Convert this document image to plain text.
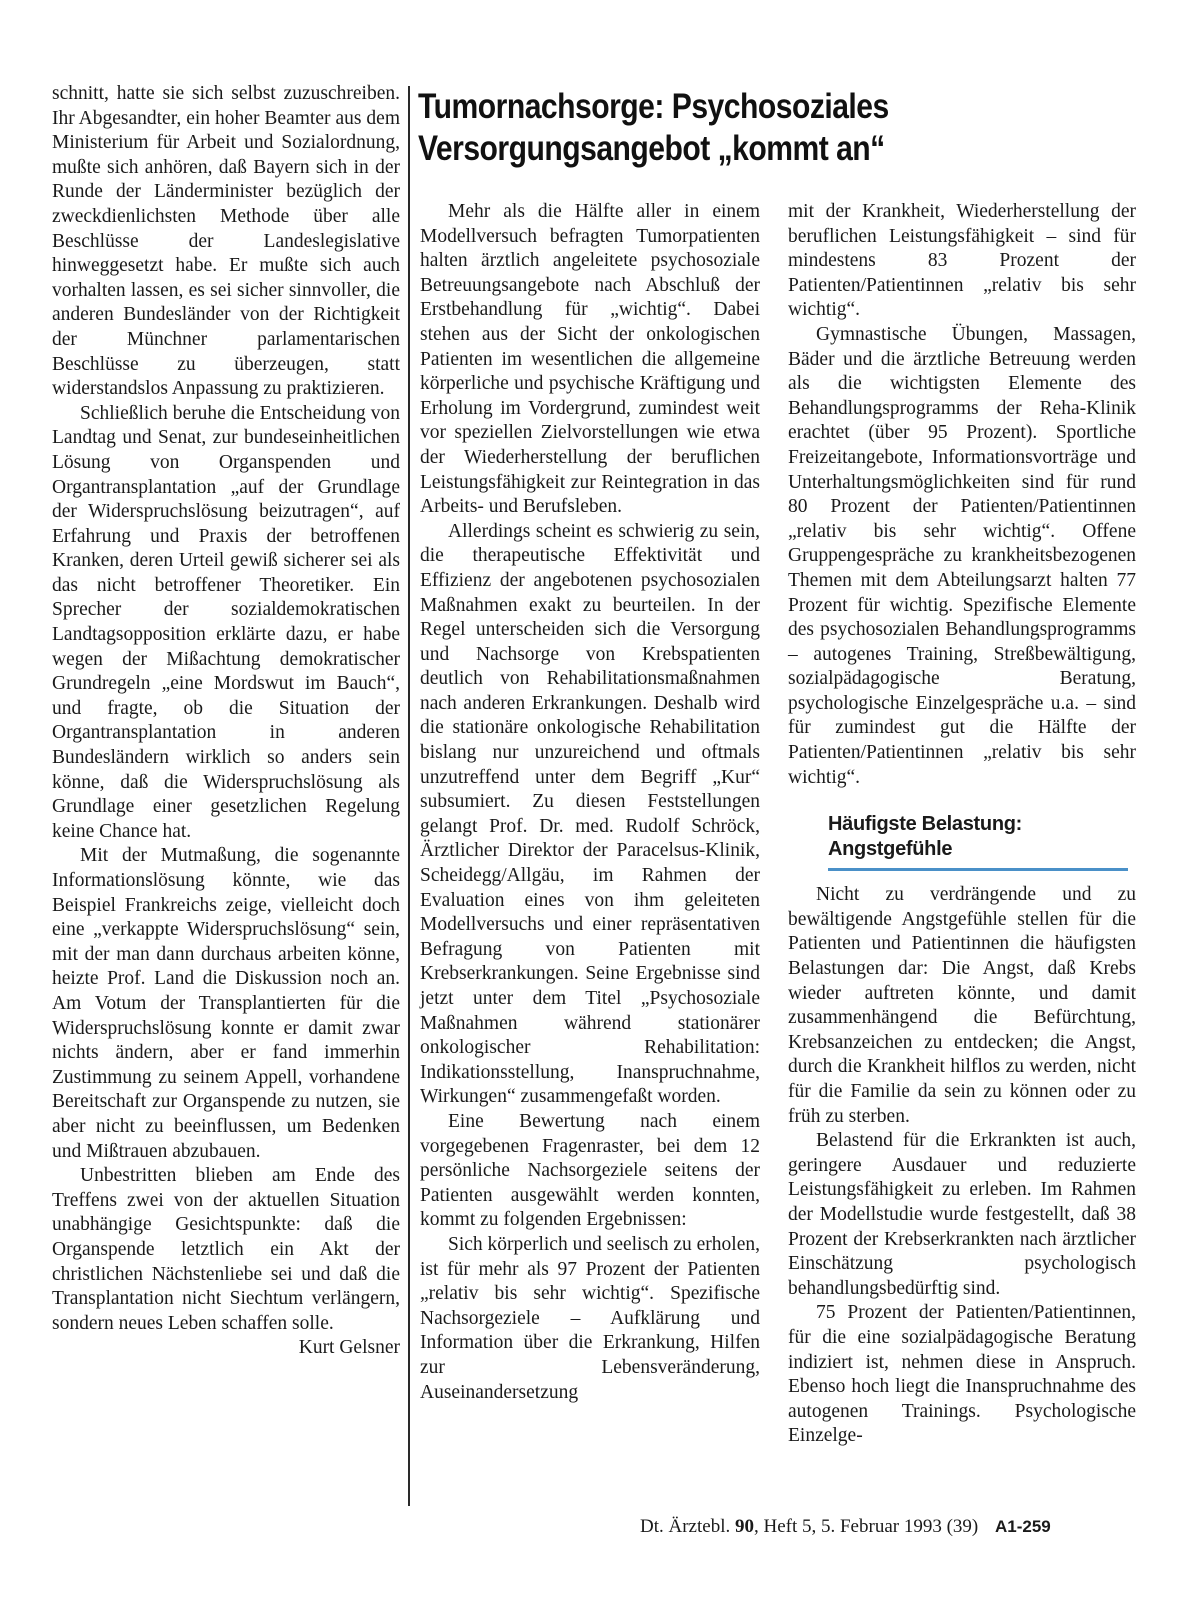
schnitt, hatte sie sich selbst zuzuschreiben. Ihr Abgesandter, ein hoher Beamter aus dem Ministerium für Arbeit und Sozialordnung, mußte sich anhören, daß Bayern sich in der Runde der Länderminister bezüglich der zweckdienlichsten Methode über alle Beschlüsse der Landeslegislative hinweggesetzt habe. Er mußte sich auch vorhalten lassen, es sei sicher sinnvoller, die anderen Bundesländer von der Richtigkeit der Münchner parlamentarischen Beschlüsse zu überzeugen, statt widerstandslos Anpassung zu praktizieren.

Schließlich beruhe die Entscheidung von Landtag und Senat, zur bundeseinheitlichen Lösung von Organspenden und Organtransplantation „auf der Grundlage der Widerspruchslösung beizutragen“, auf Erfahrung und Praxis der betroffenen Kranken, deren Urteil gewiß sicherer sei als das nicht betroffener Theoretiker. Ein Sprecher der sozialdemokratischen Landtagsopposition erklärte dazu, er habe wegen der Mißachtung demokratischer Grundregeln „eine Mordswut im Bauch“, und fragte, ob die Situation der Organtransplantation in anderen Bundesländern wirklich so anders sein könne, daß die Widerspruchslösung als Grundlage einer gesetzlichen Regelung keine Chance hat.

Mit der Mutmaßung, die sogenannte Informationslösung könnte, wie das Beispiel Frankreichs zeige, vielleicht doch eine „verkappte Widerspruchslösung“ sein, mit der man dann durchaus arbeiten könne, heizte Prof. Land die Diskussion noch an. Am Votum der Transplantierten für die Widerspruchslösung konnte er damit zwar nichts ändern, aber er fand immerhin Zustimmung zu seinem Appell, vorhandene Bereitschaft zur Organspende zu nutzen, sie aber nicht zu beeinflussen, um Bedenken und Mißtrauen abzubauen.

Unbestritten blieben am Ende des Treffens zwei von der aktuellen Situation unabhängige Gesichtspunkte: daß die Organspende letztlich ein Akt der christlichen Nächstenliebe sei und daß die Transplantation nicht Siechtum verlängern, sondern neues Leben schaffen solle.

Kurt Gelsner

Tumornachsorge: Psychosoziales
Versorgungsangebot „kommt an“

Mehr als die Hälfte aller in einem Modellversuch befragten Tumorpatienten halten ärztlich angeleitete psychosoziale Betreuungsangebote nach Abschluß der Erstbehandlung für „wichtig“. Dabei stehen aus der Sicht der onkologischen Patienten im wesentlichen die allgemeine körperliche und psychische Kräftigung und Erholung im Vordergrund, zumindest weit vor speziellen Zielvorstellungen wie etwa der Wiederherstellung der beruflichen Leistungsfähigkeit zur Reintegration in das Arbeits- und Berufsleben.

Allerdings scheint es schwierig zu sein, die therapeutische Effektivität und Effizienz der angebotenen psychosozialen Maßnahmen exakt zu beurteilen. In der Regel unterscheiden sich die Versorgung und Nachsorge von Krebspatienten deutlich von Rehabilitationsmaßnahmen nach anderen Erkrankungen. Deshalb wird die stationäre onkologische Rehabilitation bislang nur unzureichend und oftmals unzutreffend unter dem Begriff „Kur“ subsumiert. Zu diesen Feststellungen gelangt Prof. Dr. med. Rudolf Schröck, Ärztlicher Direktor der Paracelsus-Klinik, Scheidegg/Allgäu, im Rahmen der Evaluation eines von ihm geleiteten Modellversuchs und einer repräsentativen Befragung von Patienten mit Krebserkrankungen. Seine Ergebnisse sind jetzt unter dem Titel „Psychosoziale Maßnahmen während stationärer onkologischer Rehabilitation: Indikationsstellung, Inanspruchnahme, Wirkungen“ zusammengefaßt worden.

Eine Bewertung nach einem vorgegebenen Fragenraster, bei dem 12 persönliche Nachsorgeziele seitens der Patienten ausgewählt werden konnten, kommt zu folgenden Ergebnissen:

Sich körperlich und seelisch zu erholen, ist für mehr als 97 Prozent der Patienten „relativ bis sehr wichtig“. Spezifische Nachsorgeziele – Aufklärung und Information über die Erkrankung, Hilfen zur Lebensveränderung, Auseinandersetzung

mit der Krankheit, Wiederherstellung der beruflichen Leistungsfähigkeit – sind für mindestens 83 Prozent der Patienten/Patientinnen „relativ bis sehr wichtig“.

Gymnastische Übungen, Massagen, Bäder und die ärztliche Betreuung werden als die wichtigsten Elemente des Behandlungsprogramms der Reha-Klinik erachtet (über 95 Prozent). Sportliche Freizeitangebote, Informationsvorträge und Unterhaltungsmöglichkeiten sind für rund 80 Prozent der Patienten/Patientinnen „relativ bis sehr wichtig“. Offene Gruppengespräche zu krankheitsbezogenen Themen mit dem Abteilungsarzt halten 77 Prozent für wichtig. Spezifische Elemente des psychosozialen Behandlungsprogramms – autogenes Training, Streßbewältigung, sozialpädagogische Beratung, psychologische Einzelgespräche u.a. – sind für zumindest gut die Hälfte der Patienten/Patientinnen „relativ bis sehr wichtig“.

Häufigste Belastung:
Angstgefühle

Nicht zu verdrängende und zu bewältigende Angstgefühle stellen für die Patienten und Patientinnen die häufigsten Belastungen dar: Die Angst, daß Krebs wieder auftreten könnte, und damit zusammenhängend die Befürchtung, Krebsanzeichen zu entdecken; die Angst, durch die Krankheit hilflos zu werden, nicht für die Familie da sein zu können oder zu früh zu sterben.

Belastend für die Erkrankten ist auch, geringere Ausdauer und reduzierte Leistungsfähigkeit zu erleben. Im Rahmen der Modellstudie wurde festgestellt, daß 38 Prozent der Krebserkrankten nach ärztlicher Einschätzung psychologisch behandlungsbedürftig sind.

75 Prozent der Patienten/Patientinnen, für die eine sozialpädagogische Beratung indiziert ist, nehmen diese in Anspruch. Ebenso hoch liegt die Inanspruchnahme des autogenen Trainings. Psychologische Einzelge-

Dt. Ärztebl. 90, Heft 5, 5. Februar 1993 (39) A1-259
